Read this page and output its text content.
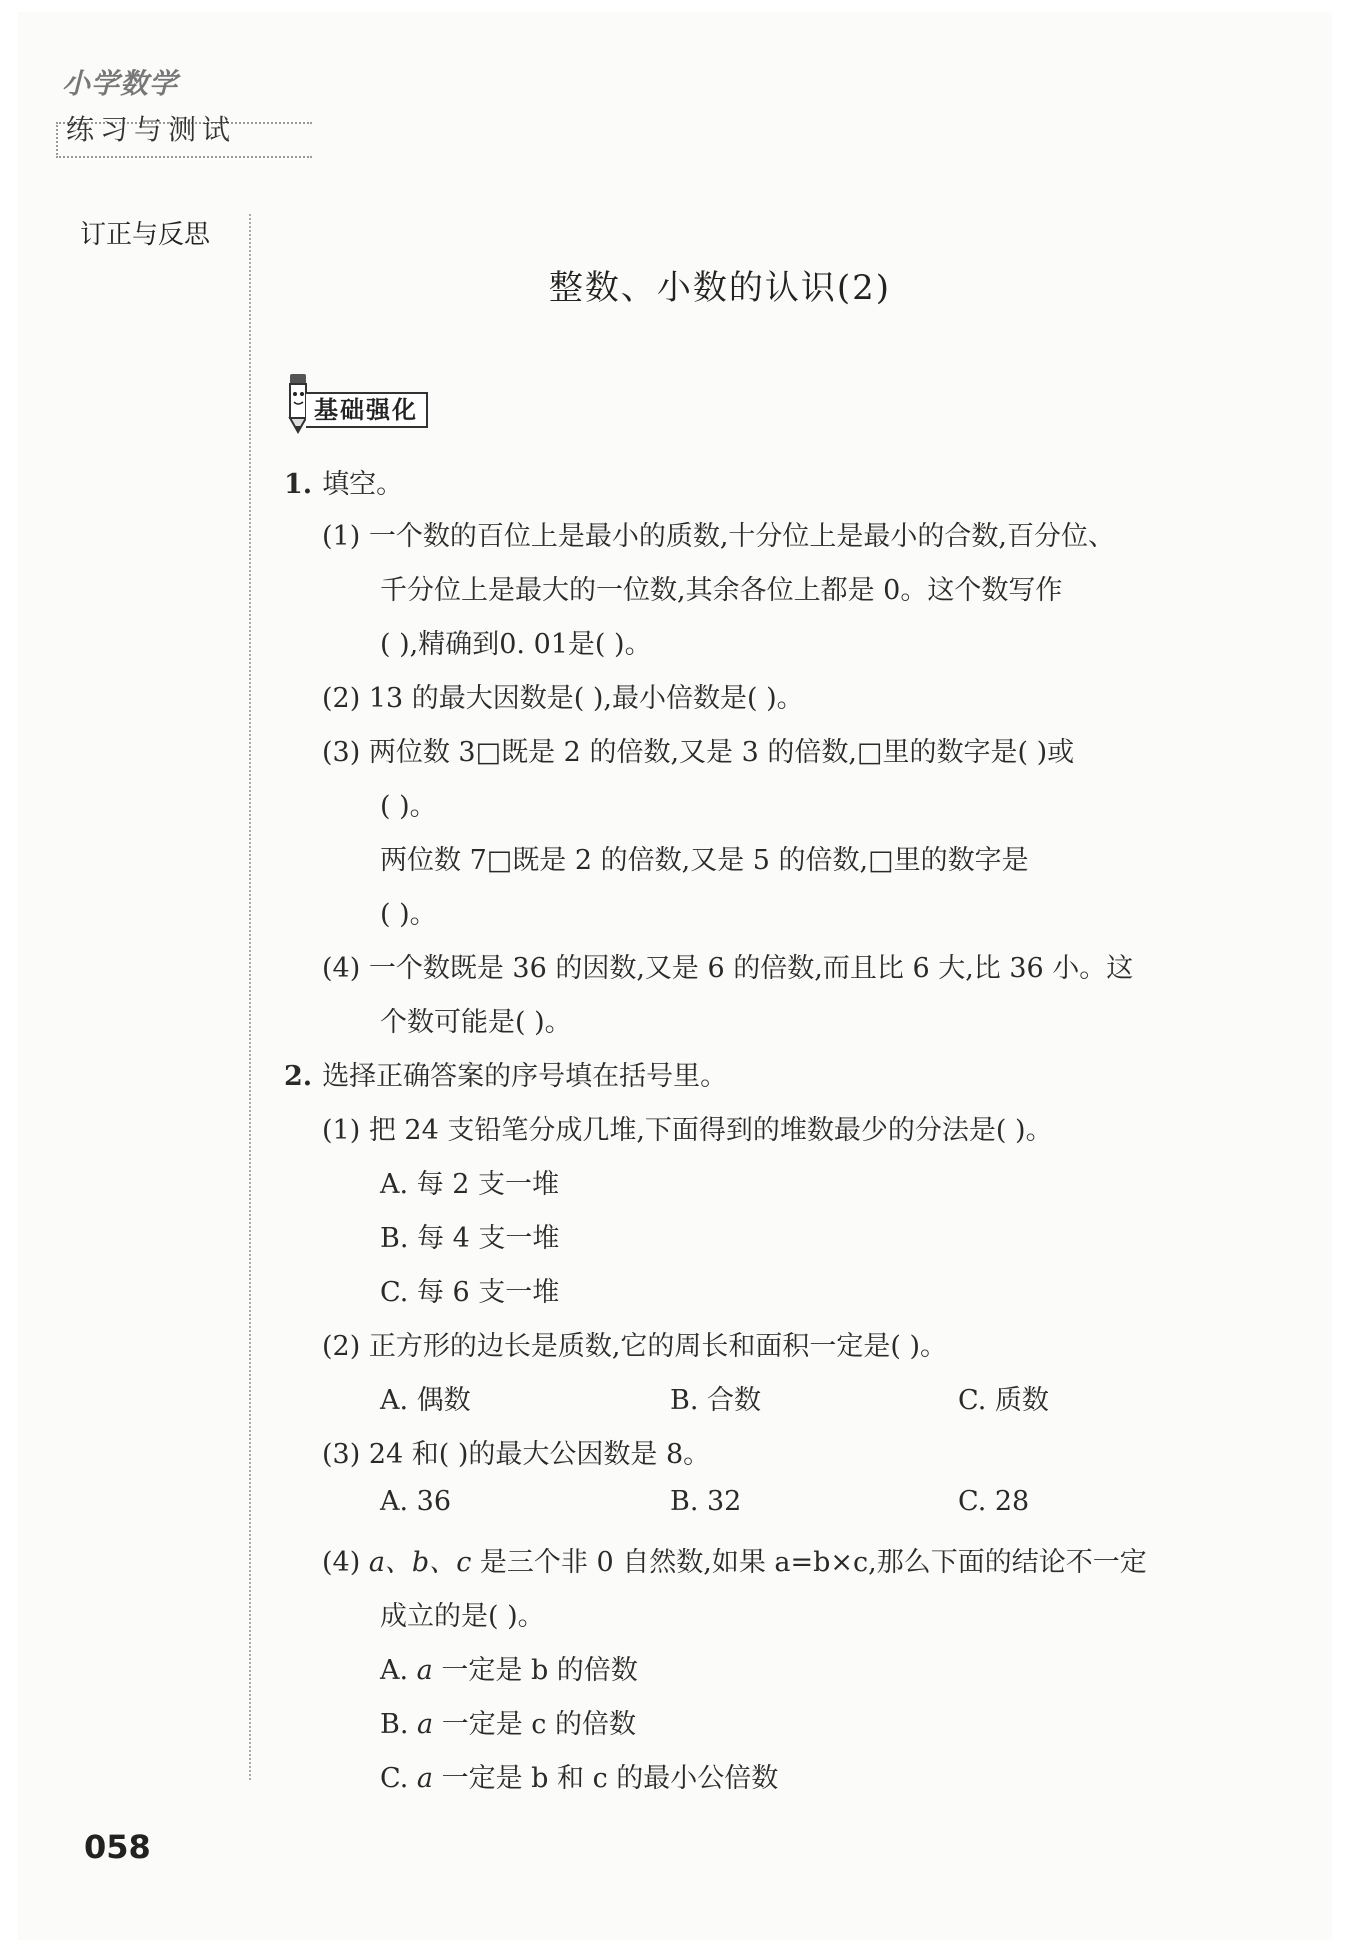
小学数学
练习与测试
订正与反思
整数、小数的认识(2)
基础强化
1. 填空。
(1) 一个数的百位上是最小的质数,十分位上是最小的合数,百分位、
千分位上是最大的一位数,其余各位上都是 0。这个数写作
( ),精确到0. 01是( )。
(2) 13 的最大因数是( ),最小倍数是( )。
(3) 两位数 3□既是 2 的倍数,又是 3 的倍数,□里的数字是( )或
( )。
两位数 7□既是 2 的倍数,又是 5 的倍数,□里的数字是
( )。
(4) 一个数既是 36 的因数,又是 6 的倍数,而且比 6 大,比 36 小。这
个数可能是( )。
2. 选择正确答案的序号填在括号里。
(1) 把 24 支铅笔分成几堆,下面得到的堆数最少的分法是( )。
A. 每 2 支一堆
B. 每 4 支一堆
C. 每 6 支一堆
(2) 正方形的边长是质数,它的周长和面积一定是( )。
A. 偶数	B. 合数	C. 质数
(3) 24 和( )的最大公因数是 8。
A. 36	B. 32	C. 28
(4) a、b、c 是三个非 0 自然数,如果 a=b×c,那么下面的结论不一定
成立的是( )。
A. a 一定是 b 的倍数
B. a 一定是 c 的倍数
C. a 一定是 b 和 c 的最小公倍数
058
